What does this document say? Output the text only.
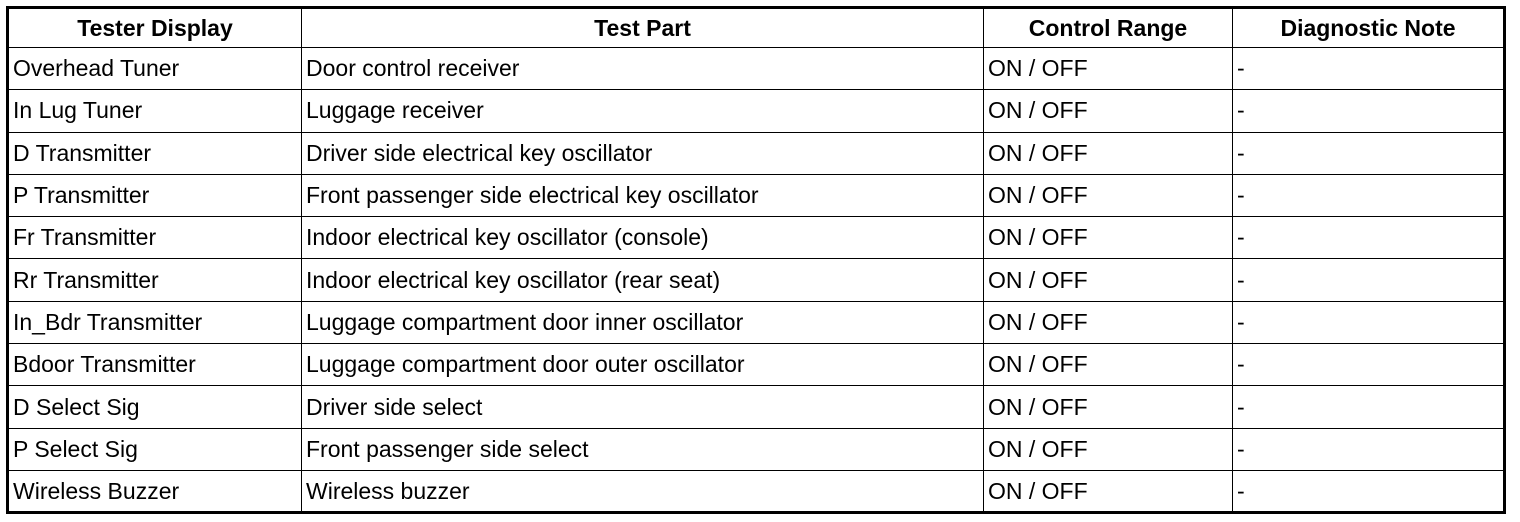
Tester Display	Test Part	Control Range	Diagnostic Note
Overhead Tuner	Door control receiver	ON / OFF	-
In Lug Tuner	Luggage receiver	ON / OFF	-
D Transmitter	Driver side electrical key oscillator	ON / OFF	-
P Transmitter	Front passenger side electrical key oscillator	ON / OFF	-
Fr Transmitter	Indoor electrical key oscillator (console)	ON / OFF	-
Rr Transmitter	Indoor electrical key oscillator (rear seat)	ON / OFF	-
In_Bdr Transmitter	Luggage compartment door inner oscillator	ON / OFF	-
Bdoor Transmitter	Luggage compartment door outer oscillator	ON / OFF	-
D Select Sig	Driver side select	ON / OFF	-
P Select Sig	Front passenger side select	ON / OFF	-
Wireless Buzzer	Wireless buzzer	ON / OFF	-
